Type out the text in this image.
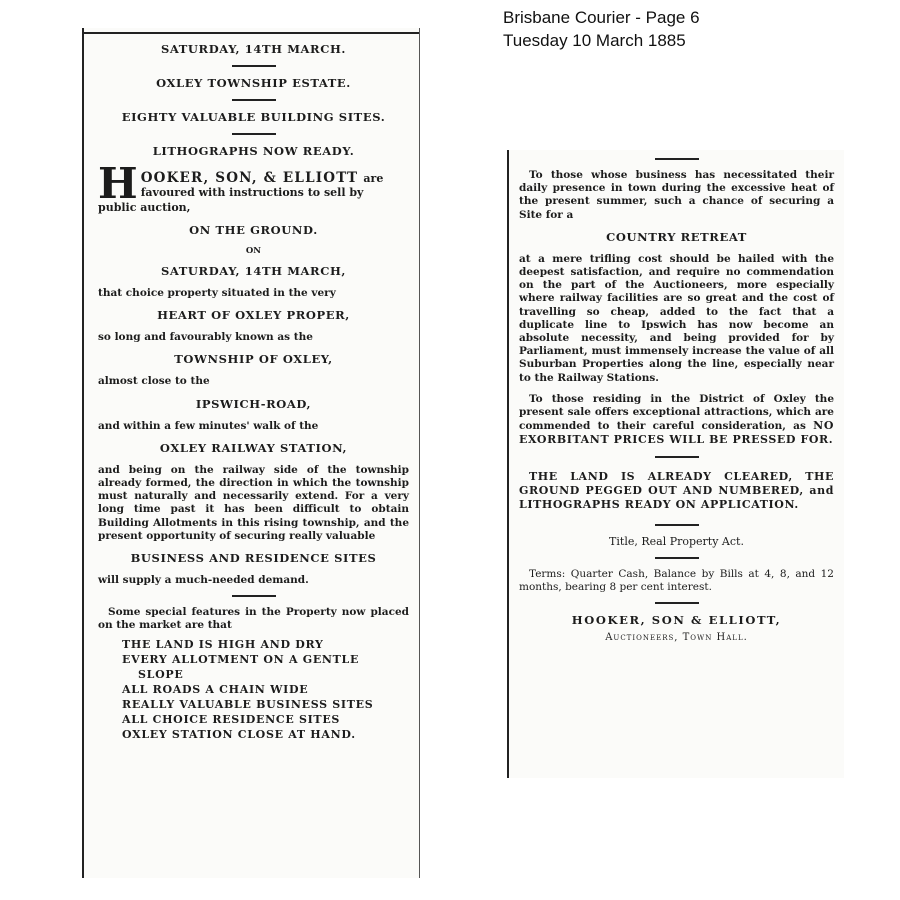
Brisbane Courier - Page 6
Tuesday 10 March 1885
SATURDAY, 14TH MARCH.
OXLEY TOWNSHIP ESTATE.
EIGHTY VALUABLE BUILDING SITES.
LITHOGRAPHS NOW READY.
H OOKER, SON, & ELLIOTT are
favoured with instructions to sell by
public auction,
ON THE GROUND.
ON
SATURDAY, 14TH MARCH,
that choice property situated in the very
HEART OF OXLEY PROPER,
so long and favourably known as the
TOWNSHIP OF OXLEY,
almost close to the
IPSWICH-ROAD,
and within a few minutes' walk of the
OXLEY RAILWAY STATION,
and being on the railway side of the township already formed, the direction in which the township must naturally and necessarily extend. For a very long time past it has been difficult to obtain Building Allotments in this rising township, and the present opportunity of securing really valuable
BUSINESS AND RESIDENCE SITES
will supply a much-needed demand.
Some special features in the Property now placed on the market are that
THE LAND IS HIGH AND DRY
EVERY ALLOTMENT ON A GENTLE
SLOPE
ALL ROADS A CHAIN WIDE
REALLY VALUABLE BUSINESS SITES
ALL CHOICE RESIDENCE SITES
OXLEY STATION CLOSE AT HAND.
To those whose business has necessitated their daily presence in town during the excessive heat of the present summer, such a chance of securing a Site for a
COUNTRY RETREAT
at a mere trifling cost should be hailed with the deepest satisfaction, and require no commendation on the part of the Auctioneers, more especially where railway facilities are so great and the cost of travelling so cheap, added to the fact that a duplicate line to Ipswich has now become an absolute necessity, and being provided for by Parliament, must immensely increase the value of all Suburban Properties along the line, especially near to the Railway Stations.
To those residing in the District of Oxley the present sale offers exceptional attractions, which are commended to their careful consideration, as NO EXORBITANT PRICES WILL BE PRESSED FOR.
THE LAND IS ALREADY CLEARED, THE GROUND PEGGED OUT AND NUMBERED, and LITHOGRAPHS READY ON APPLICATION.
Title, Real Property Act.
Terms: Quarter Cash, Balance by Bills at 4, 8, and 12 months, bearing 8 per cent interest.
HOOKER, SON & ELLIOTT,
Auctioneers, Town Hall.
